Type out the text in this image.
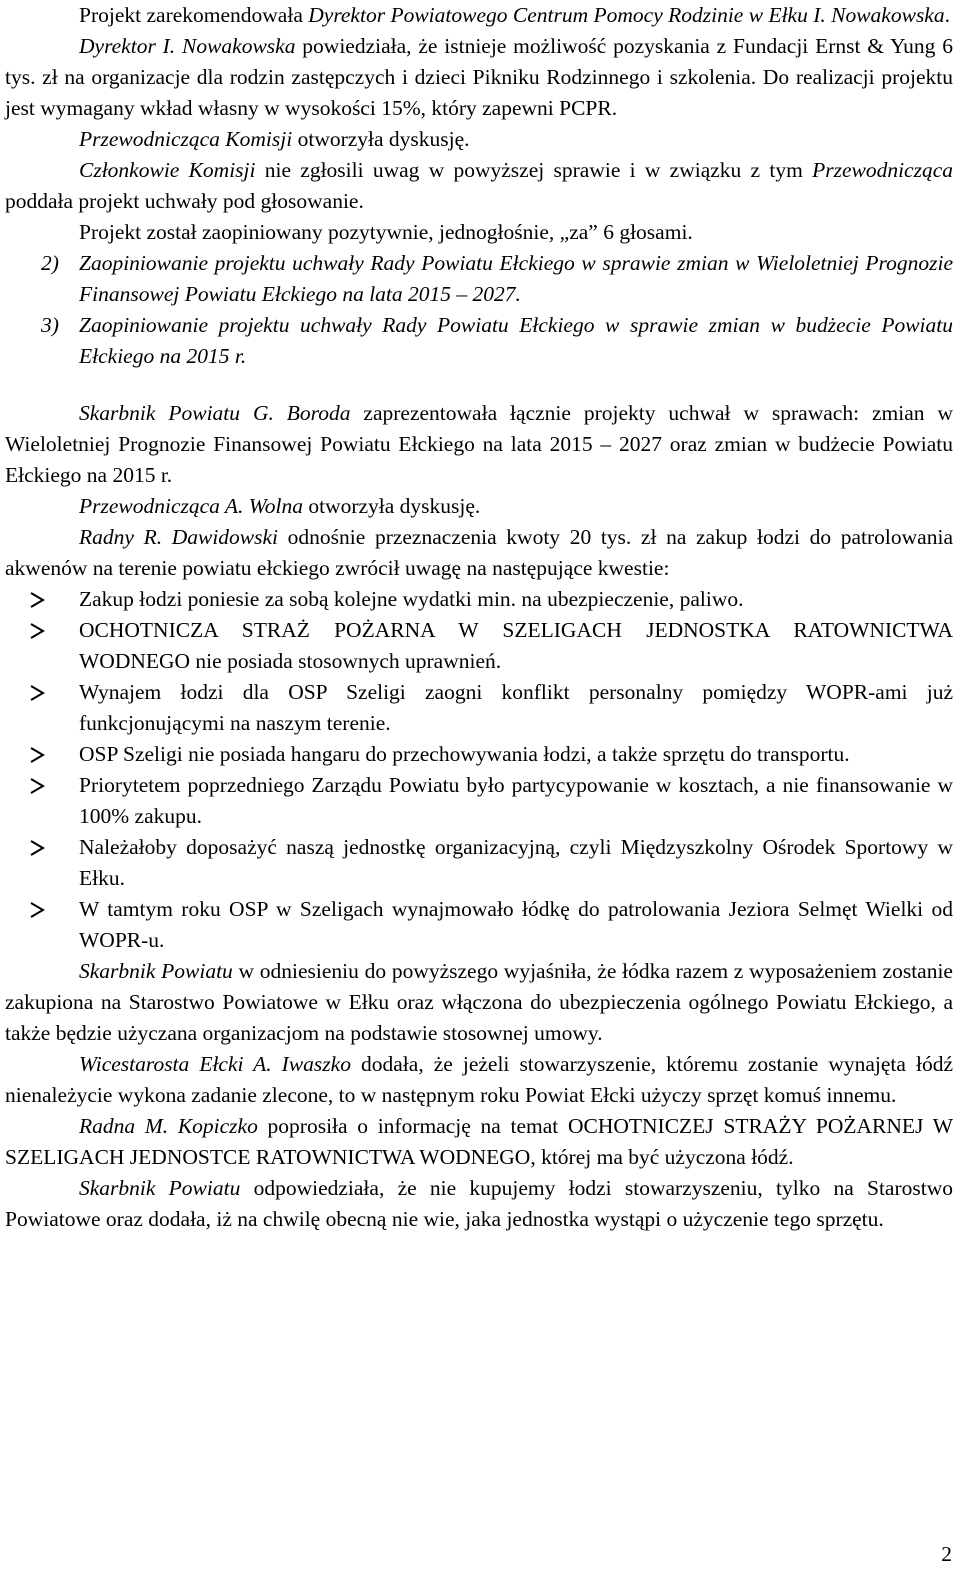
Projekt zarekomendowała Dyrektor Powiatowego Centrum Pomocy Rodzinie w Ełku I. Nowakowska.

Dyrektor I. Nowakowska powiedziała, że istnieje możliwość pozyskania z Fundacji Ernst & Yung 6 tys. zł na organizacje dla rodzin zastępczych i dzieci Pikniku Rodzinnego i szkolenia. Do realizacji projektu jest wymagany wkład własny w wysokości 15%, który zapewni PCPR.

Przewodnicząca Komisji otworzyła dyskusję.

Członkowie Komisji nie zgłosili uwag w powyższej sprawie i w związku z tym Przewodnicząca poddała projekt uchwały pod głosowanie.

Projekt został zaopiniowany pozytywnie, jednogłośnie, „za” 6 głosami.

2) Zaopiniowanie projektu uchwały Rady Powiatu Ełckiego w sprawie zmian w Wieloletniej Prognozie Finansowej Powiatu Ełckiego na lata 2015 – 2027.
3) Zaopiniowanie projektu uchwały Rady Powiatu Ełckiego w sprawie zmian w budżecie Powiatu Ełckiego na 2015 r.

Skarbnik Powiatu G. Boroda zaprezentowała łącznie projekty uchwał w sprawach: zmian w Wieloletniej Prognozie Finansowej Powiatu Ełckiego na lata 2015 – 2027 oraz zmian w budżecie Powiatu Ełckiego na 2015 r.

Przewodnicząca A. Wolna otworzyła dyskusję.

Radny R. Dawidowski odnośnie przeznaczenia kwoty 20 tys. zł na zakup łodzi do patrolowania akwenów na terenie powiatu ełckiego zwrócił uwagę na następujące kwestie:

Zakup łodzi poniesie za sobą kolejne wydatki min. na ubezpieczenie, paliwo.
OCHOTNICZA STRAŻ POŻARNA W SZELIGACH JEDNOSTKA RATOWNICTWA WODNEGO nie posiada stosownych uprawnień.
Wynajem łodzi dla OSP Szeligi zaogni konflikt personalny pomiędzy WOPR-ami już funkcjonującymi na naszym terenie.
OSP Szeligi nie posiada hangaru do przechowywania łodzi, a także sprzętu do transportu.
Priorytetem poprzedniego Zarządu Powiatu było partycypowanie w kosztach, a nie finansowanie w 100% zakupu.
Należałoby doposażyć naszą jednostkę organizacyjną, czyli Międzyszkolny Ośrodek Sportowy w Ełku.
W tamtym roku OSP w Szeligach wynajmowało łódkę do patrolowania Jeziora Selmęt Wielki od WOPR-u.

Skarbnik Powiatu w odniesieniu do powyższego wyjaśniła, że łódka razem z wyposażeniem zostanie zakupiona na Starostwo Powiatowe w Ełku oraz włączona do ubezpieczenia ogólnego Powiatu Ełckiego, a także będzie użyczana organizacjom na podstawie stosownej umowy.

Wicestarosta Ełcki A. Iwaszko dodała, że jeżeli stowarzyszenie, któremu zostanie wynajęta łódź nienależycie wykona zadanie zlecone, to w następnym roku Powiat Ełcki użyczy sprzęt komuś innemu.

Radna M. Kopiczko poprosiła o informację na temat OCHOTNICZEJ STRAŻY POŻARNEJ W SZELIGACH JEDNOSTCE RATOWNICTWA WODNEGO, której ma być użyczona łódź.

Skarbnik Powiatu odpowiedziała, że nie kupujemy łodzi stowarzyszeniu, tylko na Starostwo Powiatowe oraz dodała, iż na chwilę obecną nie wie, jaka jednostka wystąpi o użyczenie tego sprzętu.

2
